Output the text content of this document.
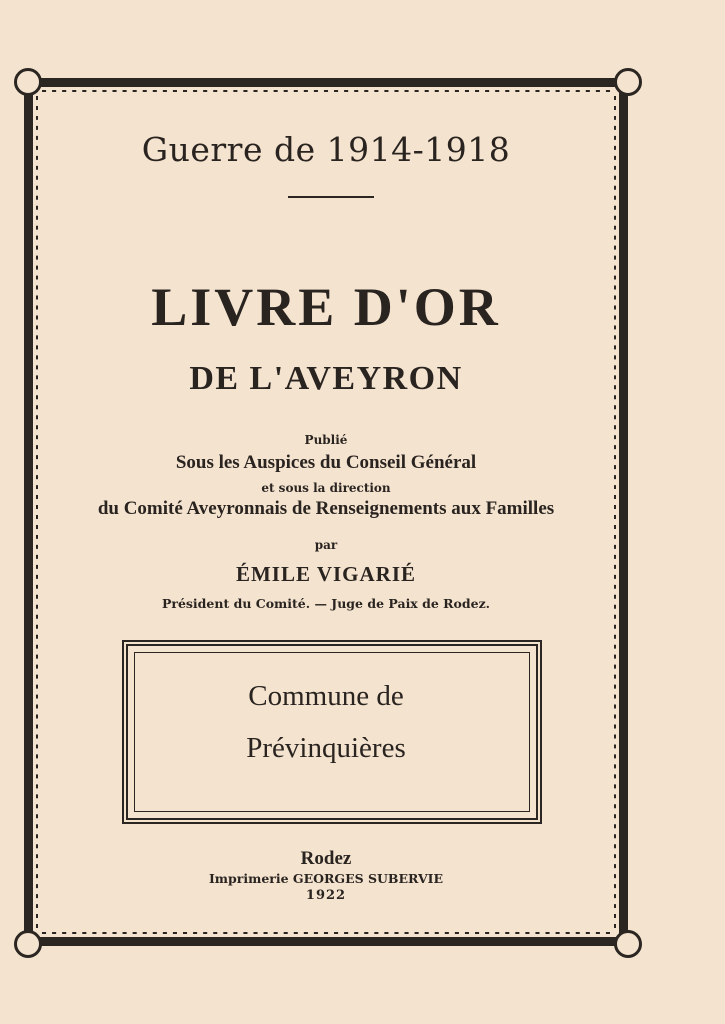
Guerre de 1914-1918
LIVRE D'OR
DE L'AVEYRON
Publié
Sous les Auspices du Conseil Général
et sous la direction
du Comité Aveyronnais de Renseignements aux Familles
par
ÉMILE VIGARIÉ
Président du Comité. — Juge de Paix de Rodez.
Commune de
Prévinquières
Rodez
Imprimerie GEORGES SUBERVIE
1922
